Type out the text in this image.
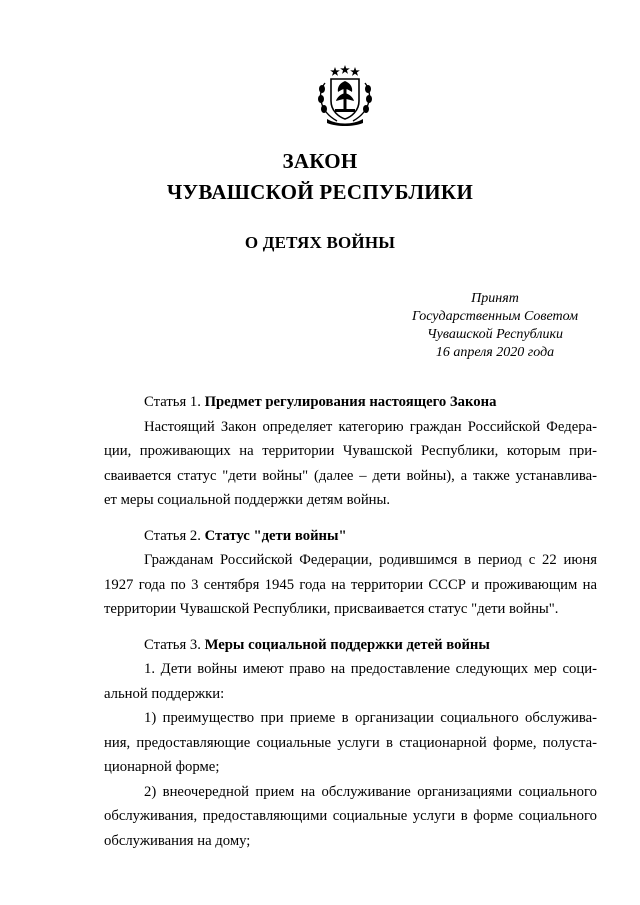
ЗАКОН
ЧУВАШСКОЙ РЕСПУБЛИКИ
О ДЕТЯХ ВОЙНЫ
Принят
Государственным Советом
Чувашской Республики
16 апреля 2020 года
Статья 1. Предмет регулирования настоящего Закона
Настоящий Закон определяет категорию граждан Российской Федера-
ции, проживающих на территории Чувашской Республики, которым при-
сваивается статус "дети войны" (далее – дети войны), а также устанавлива-
ет меры социальной поддержки детям войны.
Статья 2. Статус "дети войны"
Гражданам Российской Федерации, родившимся в период с 22 июня
1927 года по 3 сентября 1945 года на территории СССР и проживающим на
территории Чувашской Республики, присваивается статус "дети войны".
Статья 3. Меры социальной поддержки детей войны
1. Дети войны имеют право на предоставление следующих мер соци-
альной поддержки:
1) преимущество при приеме в организации социального обслужива-
ния, предоставляющие социальные услуги в стационарной форме, полуста-
ционарной форме;
2) внеочередной прием на обслуживание организациями социального
обслуживания, предоставляющими социальные услуги в форме социального
обслуживания на дому;
